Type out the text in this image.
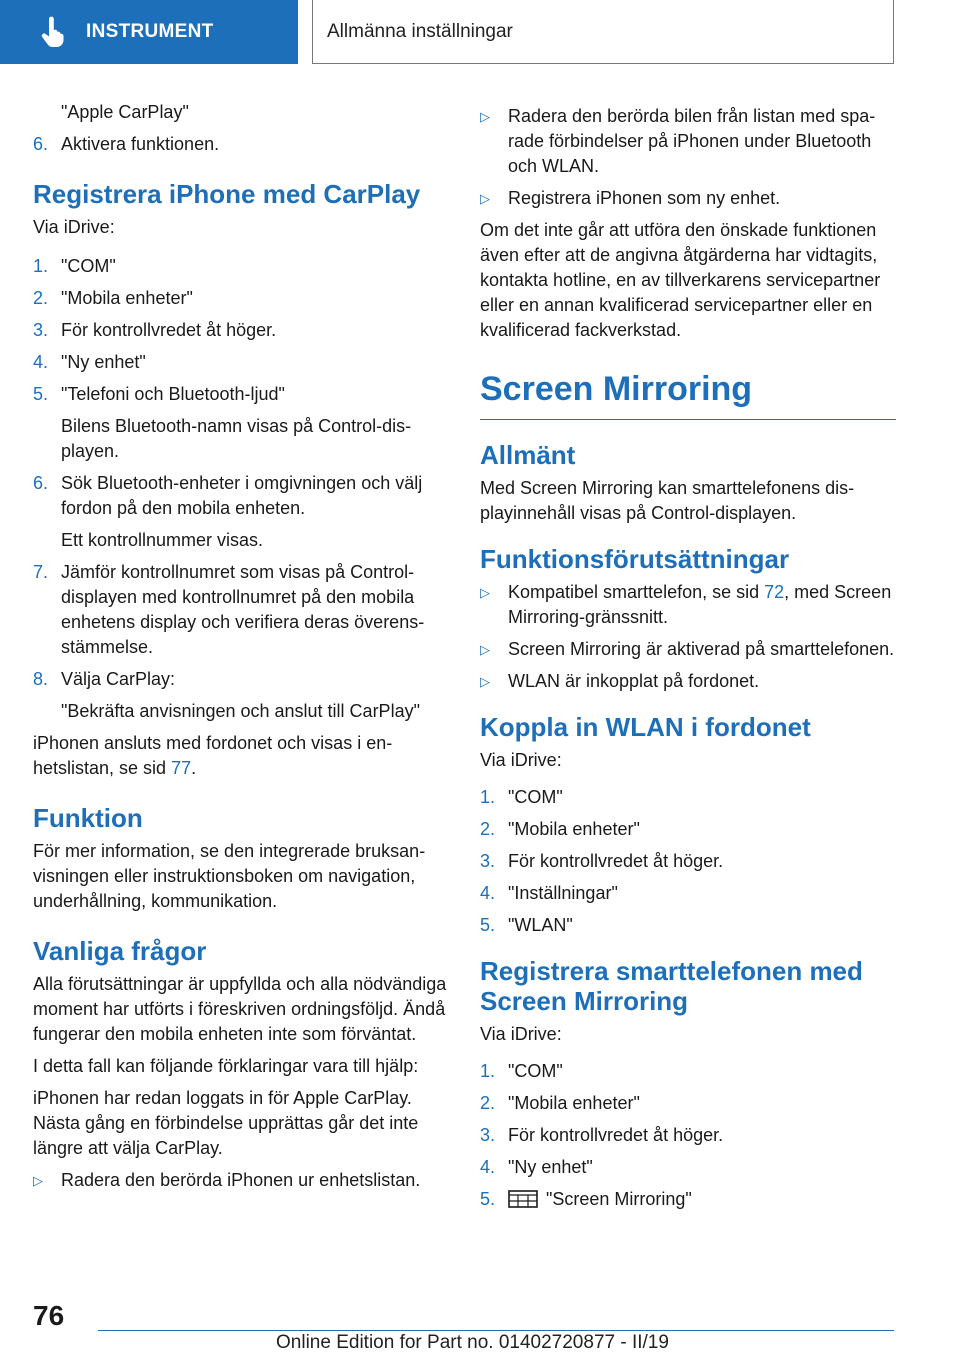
INSTRUMENT	Allmänna inställningar
"Apple CarPlay"
6. Aktivera funktionen.
Registrera iPhone med CarPlay
Via iDrive:
1. "COM"
2. "Mobila enheter"
3. För kontrollvredet åt höger.
4. "Ny enhet"
5. "Telefoni och Bluetooth-ljud"
Bilens Bluetooth-namn visas på Control-displayen.
6. Sök Bluetooth-enheter i omgivningen och välj fordon på den mobila enheten.
Ett kontrollnummer visas.
7. Jämför kontrollnumret som visas på Control-displayen med kontrollnumret på den mobila enhetens display och verifiera deras överensstämmelse.
8. Välja CarPlay:
"Bekräfta anvisningen och anslut till CarPlay"
iPhonen ansluts med fordonet och visas i enhetslistan, se sid 77.
Funktion
För mer information, se den integrerade bruksanvisningen eller instruktionsboken om navigation, underhållning, kommunikation.
Vanliga frågor
Alla förutsättningar är uppfyllda och alla nödvändiga moment har utförts i föreskriven ordningsföljd. Ändå fungerar den mobila enheten inte som förväntat.
I detta fall kan följande förklaringar vara till hjälp:
iPhonen har redan loggats in för Apple CarPlay. Nästa gång en förbindelse upprättas går det inte längre att välja CarPlay.
▷	Radera den berörda iPhonen ur enhetslistan.
▷	Radera den berörda bilen från listan med sparade förbindelser på iPhonen under Bluetooth och WLAN.
▷	Registrera iPhonen som ny enhet.
Om det inte går att utföra den önskade funktionen även efter att de angivna åtgärderna har vidtagits, kontakta hotline, en av tillverkarens servicepartner eller en annan kvalificerad servicepartner eller en kvalificerad fackverkstad.
Screen Mirroring
Allmänt
Med Screen Mirroring kan smarttelefonens displayinnehåll visas på Control-displayen.
Funktionsförutsättningar
▷	Kompatibel smarttelefon, se sid 72, med Screen Mirroring-gränssnitt.
▷	Screen Mirroring är aktiverad på smarttelefonen.
▷	WLAN är inkopplat på fordonet.
Koppla in WLAN i fordonet
Via iDrive:
1. "COM"
2. "Mobila enheter"
3. För kontrollvredet åt höger.
4. "Inställningar"
5. "WLAN"
Registrera smarttelefonen med Screen Mirroring
Via iDrive:
1. "COM"
2. "Mobila enheter"
3. För kontrollvredet åt höger.
4. "Ny enhet"
5.	"Screen Mirroring"
76
Online Edition for Part no. 01402720877 - II/19
